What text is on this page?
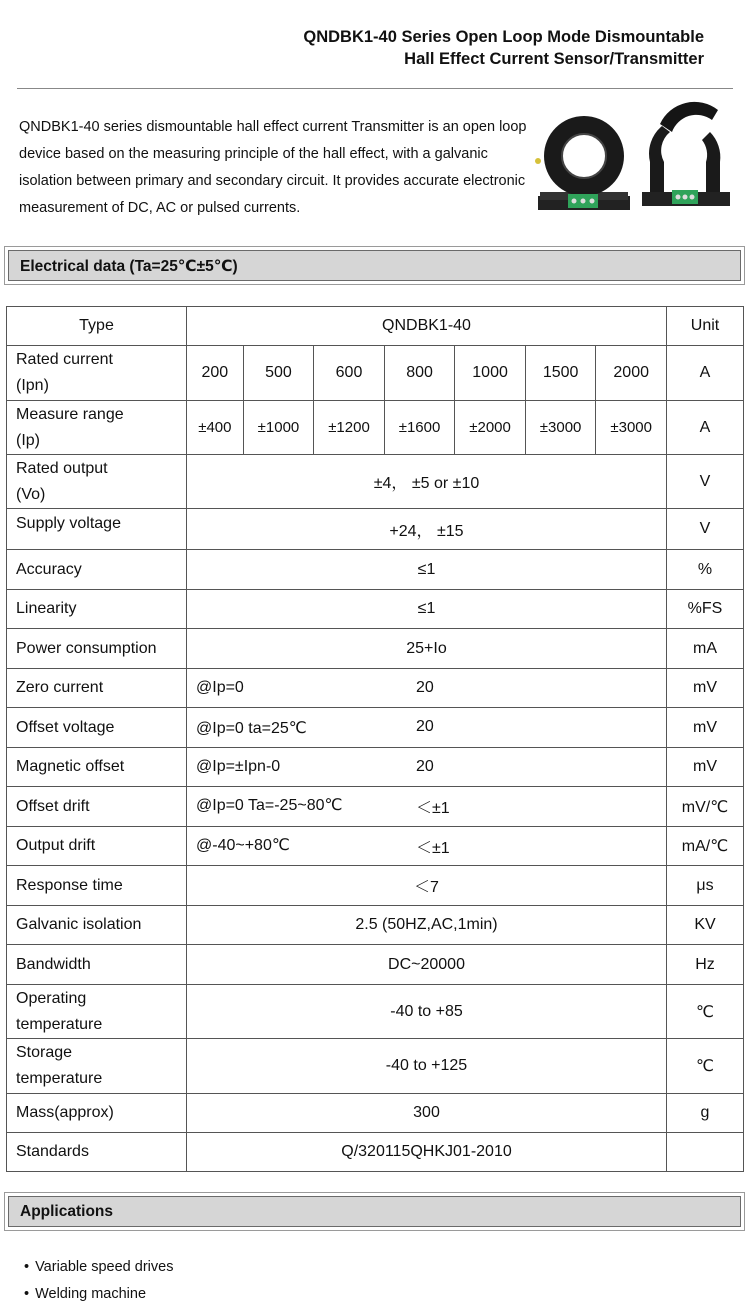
QNDBK1-40 Series Open Loop Mode Dismountable
Hall Effect Current Sensor/Transmitter
QNDBK1-40 series dismountable hall effect current Transmitter is an open loop device based on the measuring principle of the hall effect, with a galvanic isolation between primary and secondary circuit. It provides accurate electronic measurement of DC, AC or pulsed currents.
Electrical data (Ta=25℃±5℃)
Type	QNDBK1-40							Unit
Rated current
(Ipn)	200	500	600	800	1000	1500	2000	A
Measure range
(Ip)	±400	±1000	±1200	±1600	±2000	±3000	±3000	A
Rated output
(Vo)	±4， ±5 or ±10							V
Supply voltage	+24， ±15							V
Accuracy	≤1							%
Linearity	≤1							%FS
Power consumption	25+Io							mA
Zero current	@Ip=0 20							mV
Offset voltage	@Ip=0 ta=25℃ 20							mV
Magnetic offset	@Ip=±Ipn-0 20							mV
Offset drift	@Ip=0 Ta=-25~80℃ ＜±1							mV/℃
Output drift	@-40~+80℃ ＜±1							mA/℃
Response time	＜7							μs
Galvanic isolation	2.5 (50HZ,AC,1min)							KV
Bandwidth	DC~20000							Hz
Operating
temperature	-40 to +85							℃
Storage
temperature	-40 to +125							℃
Mass(approx)	300							g
Standards	Q/320115QHKJ01-2010							
Applications
• Variable speed drives
• Welding machine
